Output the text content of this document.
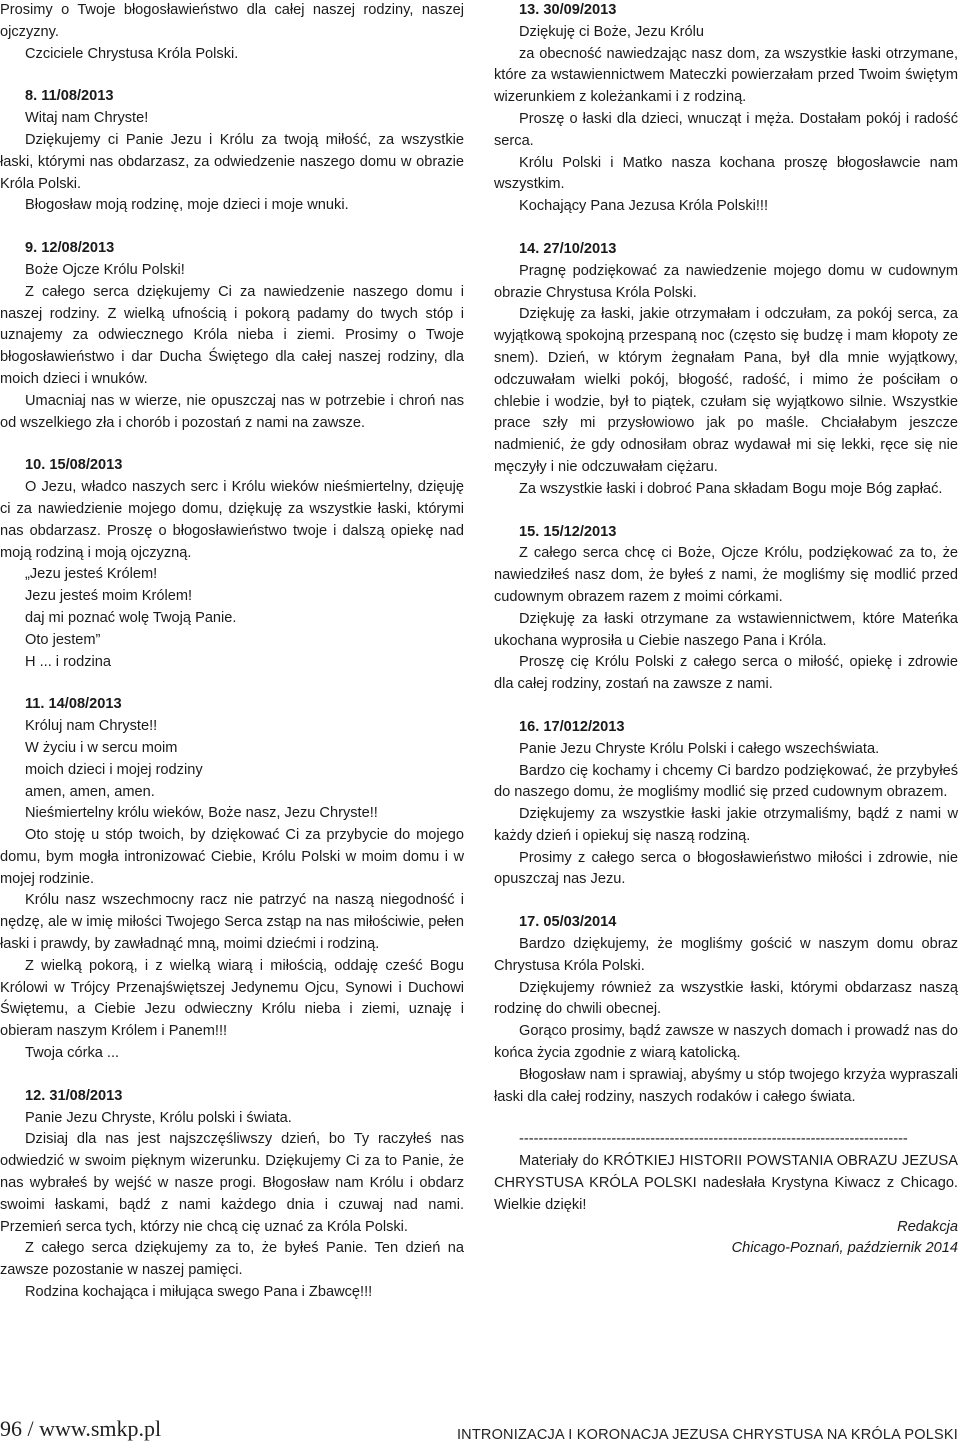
Prosimy o Twoje błogosławieństwo dla całej naszej rodziny, naszej ojczyzny.

Czciciele Chrystusa Króla Polski.

8. 11/08/2013

Witaj nam Chryste!

Dziękujemy ci Panie Jezu i Królu za twoją miłość, za wszystkie łaski, którymi nas obdarzasz, za odwiedzenie naszego domu w obrazie Króla Polski.

Błogosław moją rodzinę, moje dzieci i moje wnuki.

9. 12/08/2013

Boże Ojcze Królu Polski!

Z całego serca dziękujemy Ci za nawiedzenie naszego domu i naszej rodziny. Z wielką ufnością i pokorą padamy do twych stóp i uznajemy za odwiecznego Króla nieba i ziemi. Prosimy o Twoje błogosławieństwo i dar Ducha Świętego dla całej naszej rodziny, dla moich dzieci i wnuków.

Umacniaj nas w wierze, nie opuszczaj nas w potrzebie i chroń nas od wszelkiego zła i chorób i pozostań z nami na zawsze.

10. 15/08/2013

O Jezu, władco naszych serc i Królu wieków nieśmiertelny, dzięuję ci za nawiedzienie mojego domu, dziękuję za wszystkie łaski, którymi nas obdarzasz. Proszę o błogosławieństwo twoje i dalszą opiekę nad moją rodziną i moją ojczyzną.

„Jezu jesteś Królem!

Jezu jesteś moim Królem!

daj mi poznać wolę Twoją Panie.

Oto jestem”

H ... i rodzina

11. 14/08/2013

Króluj nam Chryste!!

W życiu i w sercu moim

moich dzieci i mojej rodziny

amen, amen, amen.

Nieśmiertelny królu wieków, Boże nasz, Jezu Chryste!!

Oto stoję u stóp twoich, by dziękować Ci za przybycie do mojego domu, bym mogła intronizować Ciebie, Królu Polski w moim domu i w mojej rodzinie.

Królu nasz wszechmocny racz nie patrzyć na naszą niegodność i nędzę, ale w imię miłości Twojego Serca zstąp na nas miłościwie, pełen łaski i prawdy, by zawładnąć mną, moimi dziećmi i rodziną.

Z wielką pokorą, i z wielką wiarą i miłością, oddaję cześć Bogu Królowi w Trójcy Przenajświętszej Jedynemu Ojcu, Synowi i Duchowi Świętemu, a Ciebie Jezu odwieczny Królu nieba i ziemi, uznaję i obieram naszym Królem i Panem!!!

Twoja córka ...

12. 31/08/2013

Panie Jezu Chryste, Królu polski i świata.

Dzisiaj dla nas jest najszczęśliwszy dzień, bo Ty raczyłeś nas odwiedzić w swoim pięknym wizerunku. Dziękujemy Ci za to Panie, że nas wybrałeś by wejść w nasze progi. Błogosław nam Królu i obdarz swoimi łaskami, bądź z nami każdego dnia i czuwaj nad nami. Przemień serca tych, którzy nie chcą cię uznać za Króla Polski.

Z całego serca dziękujemy za to, że byłeś Panie. Ten dzień na zawsze pozostanie w naszej pamięci.

Rodzina kochająca i miłująca swego Pana i Zbawcę!!!

13. 30/09/2013

Dziękuję ci Boże, Jezu Królu

za obecność nawiedzając nasz dom, za wszystkie łaski otrzymane, które za wstawiennictwem Mateczki powierzałam przed Twoim świętym wizerunkiem z koleżankami i z rodziną.

Proszę o łaski dla dzieci, wnucząt i męża. Dostałam pokój i radość serca.

Królu Polski i Matko nasza kochana proszę błogosławcie nam wszystkim.

Kochający Pana Jezusa Króla Polski!!!

14. 27/10/2013

Pragnę podziękować za nawiedzenie mojego domu w cudownym obrazie Chrystusa Króla Polski.

Dziękuję za łaski, jakie otrzymałam i odczułam, za pokój serca, za wyjątkową spokojną przespaną noc (często się budzę i mam kłopoty ze snem). Dzień, w którym żegnałam Pana, był dla mnie wyjątkowy, odczuwałam wielki pokój, błogość, radość, i mimo że pościłam o chlebie i wodzie, był to piątek, czułam się wyjątkowo silnie. Wszystkie prace szły mi przysłowiowo jak po maśle. Chciałabym jeszcze nadmienić, że gdy odnosiłam obraz wydawał mi się lekki, ręce się nie męczyły i nie odczuwałam ciężaru.

Za wszystkie łaski i dobroć Pana składam Bogu moje Bóg zapłać.

15. 15/12/2013

Z całego serca chcę ci Boże, Ojcze Królu, podziękować za to, że nawiedziłeś nasz dom, że byłeś z nami, że mogliśmy się modlić przed cudownym obrazem razem z moimi córkami.

Dziękuję za łaski otrzymane za wstawiennictwem, które Mateńka ukochana wyprosiła u Ciebie naszego Pana i Króla.

Proszę cię Królu Polski z całego serca o miłość, opiekę i zdrowie dla całej rodziny, zostań na zawsze z nami.

16. 17/012/2013

Panie Jezu Chryste Królu Polski i całego wszechświata.

Bardzo cię kochamy i chcemy Ci bardzo podziękować, że przybyłeś do naszego domu, że mogliśmy modlić się przed cudownym obrazem.

Dziękujemy za wszystkie łaski jakie otrzymaliśmy, bądź z nami w każdy dzień i opiekuj się naszą rodziną.

Prosimy z całego serca o błogosławieństwo miłości i zdrowie, nie opuszczaj nas Jezu.

17. 05/03/2014

Bardzo dziękujemy, że mogliśmy gościć w naszym domu obraz Chrystusa Króla Polski.

Dziękujemy również za wszystkie łaski, którymi obdarzasz naszą rodzinę do chwili obecnej.

Gorąco prosimy, bądź zawsze w naszych domach i prowadź nas do końca życia zgodnie z wiarą katolicką.

Błogosław nam i sprawiaj, abyśmy u stóp twojego krzyża wypraszali łaski dla całej rodziny, naszych rodaków i całego świata.

--------------------------------------------------------------------------------

Materiały do KRÓTKIEJ HISTORII POWSTANIA OBRAZU JEZUSA CHRYSTUSA KRÓLA POLSKI nadesłała Krystyna Kiwacz z Chicago. Wielkie dzięki!

Redakcja

Chicago-Poznań, październik 2014

96 / www.smkp.pl	INTRONIZACJA I KORONACJA JEZUSA CHRYSTUSA NA KRÓLA POLSKI
